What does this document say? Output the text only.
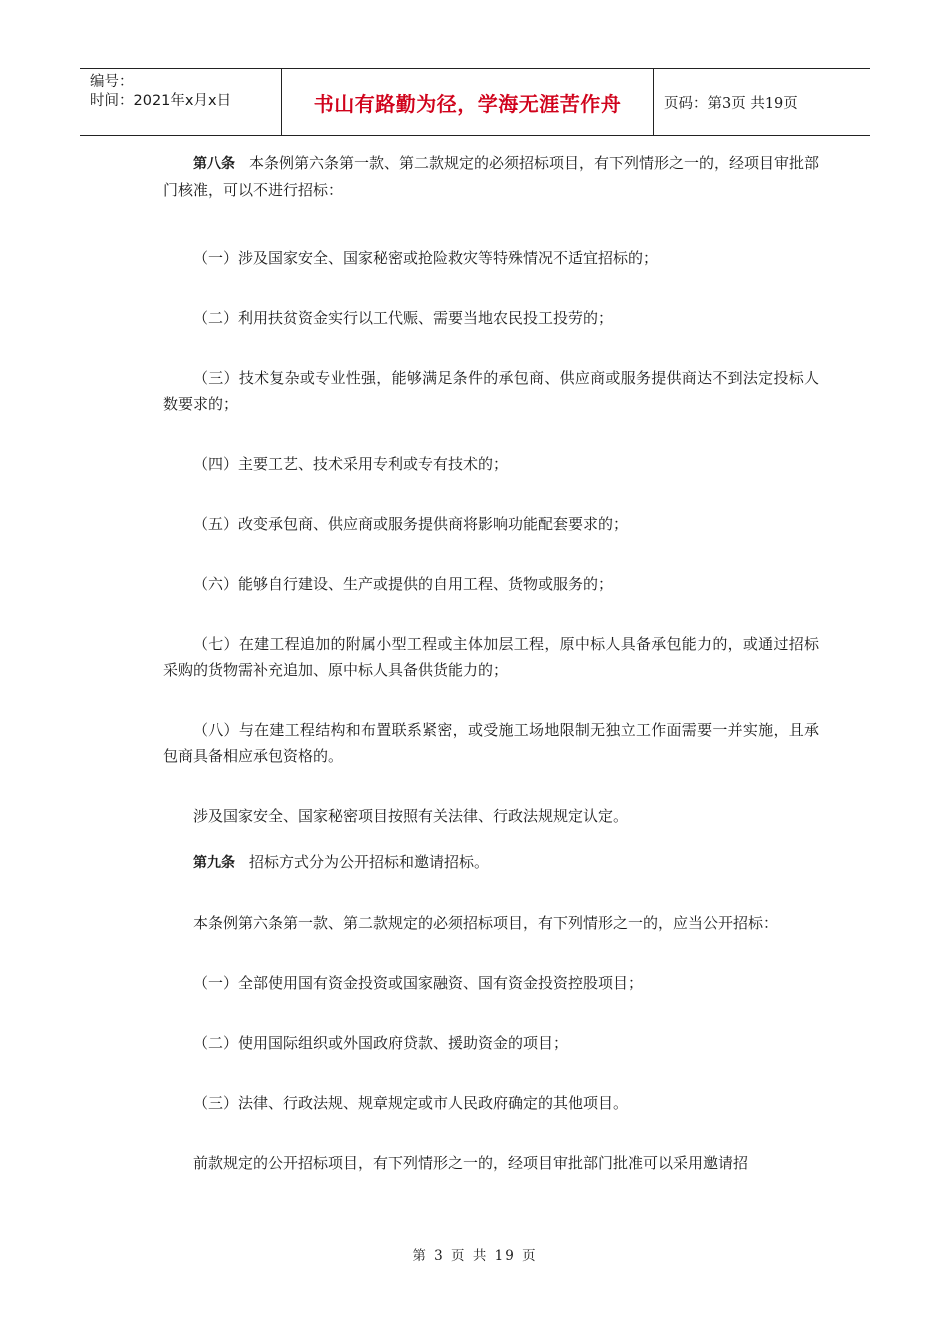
编号：
时间：2021年x月x日	书山有路勤为径，学海无涯苦作舟	页码：第3页 共19页

第八条 本条例第六条第一款、第二款规定的必须招标项目，有下列情形之一的，经项目审批部门核准，可以不进行招标：

（一）涉及国家安全、国家秘密或抢险救灾等特殊情况不适宜招标的；

（二）利用扶贫资金实行以工代赈、需要当地农民投工投劳的；

（三）技术复杂或专业性强，能够满足条件的承包商、供应商或服务提供商达不到法定投标人数要求的；

（四）主要工艺、技术采用专利或专有技术的；

（五）改变承包商、供应商或服务提供商将影响功能配套要求的；

（六）能够自行建设、生产或提供的自用工程、货物或服务的；

（七）在建工程追加的附属小型工程或主体加层工程，原中标人具备承包能力的，或通过招标采购的货物需补充追加、原中标人具备供货能力的；

（八）与在建工程结构和布置联系紧密，或受施工场地限制无独立工作面需要一并实施，且承包商具备相应承包资格的。

涉及国家安全、国家秘密项目按照有关法律、行政法规规定认定。

第九条 招标方式分为公开招标和邀请招标。

本条例第六条第一款、第二款规定的必须招标项目，有下列情形之一的，应当公开招标：

（一）全部使用国有资金投资或国家融资、国有资金投资控股项目；

（二）使用国际组织或外国政府贷款、援助资金的项目；

（三）法律、行政法规、规章规定或市人民政府确定的其他项目。

前款规定的公开招标项目，有下列情形之一的，经项目审批部门批准可以采用邀请招

第 3 页 共 19 页
